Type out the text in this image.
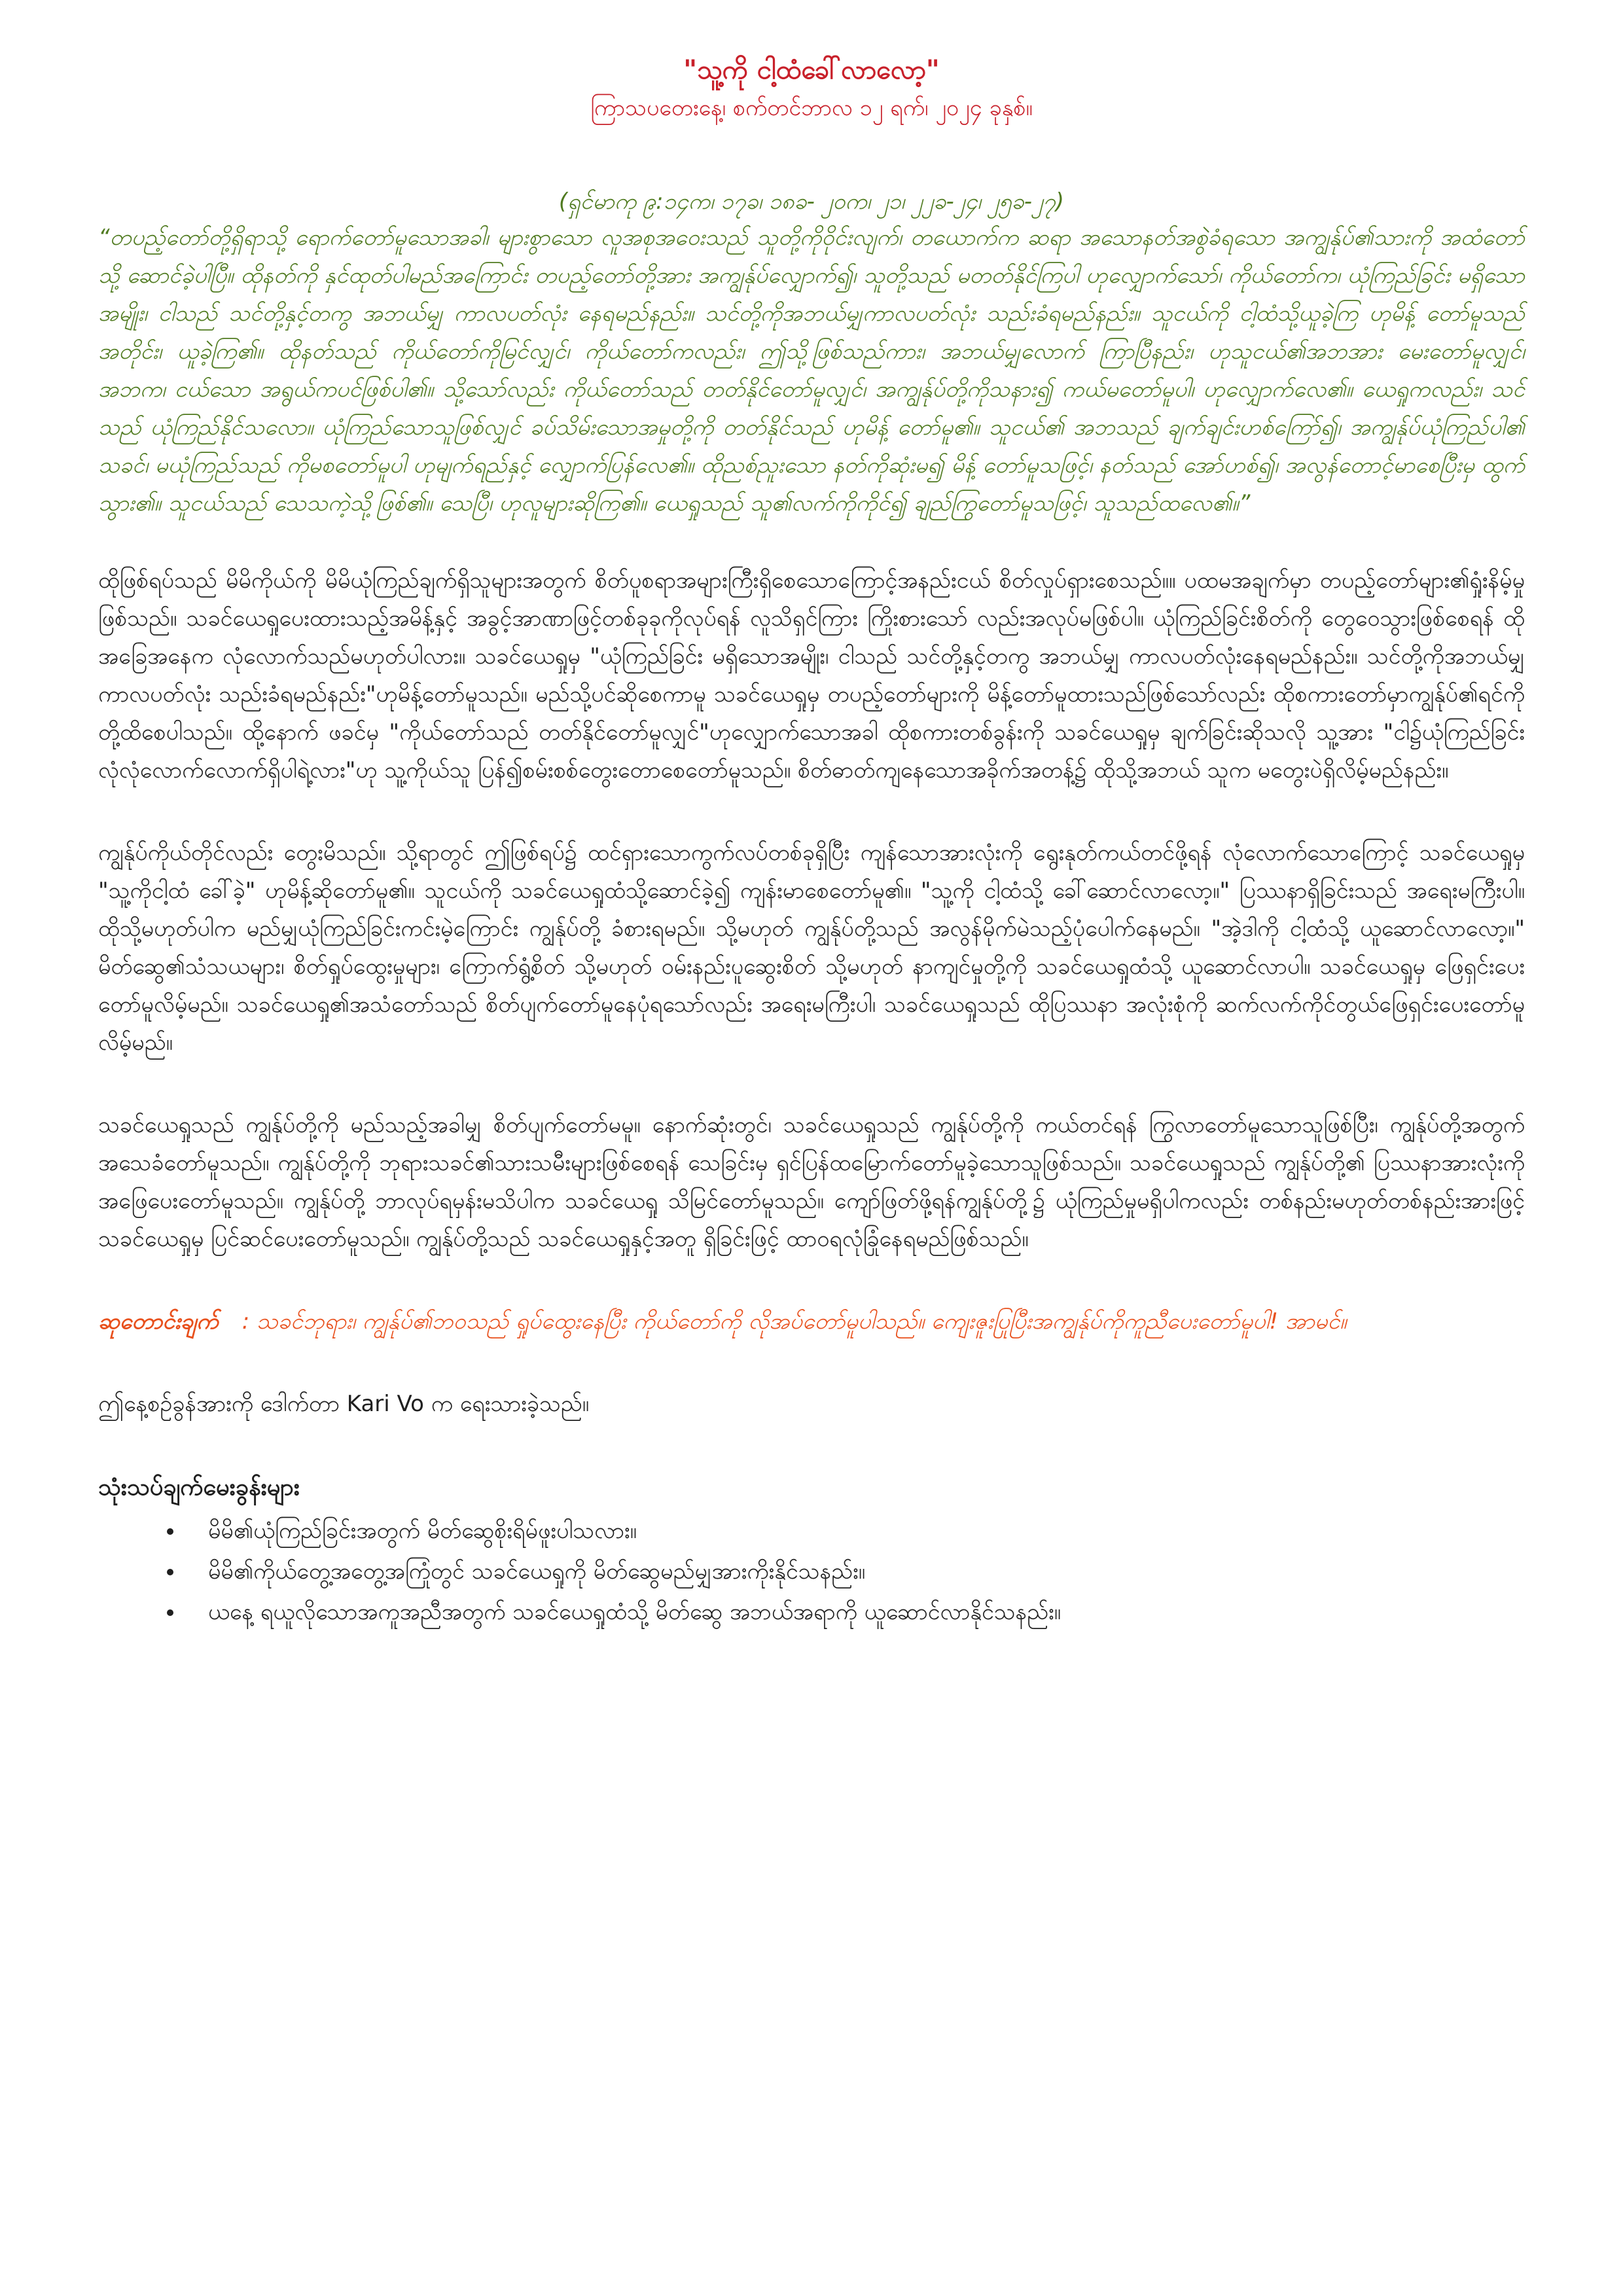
"သူ့ကို ငါ့ထံခေါ်လာလော့"

ကြာသပတေးနေ့၊ စက်တင်ဘာလ ၁၂ ရက်၊ ၂၀၂၄ ခုနှစ်။

(ရှင်မာကု ၉:၁၄က၊ ၁၇ခ၊ ၁၈ခ- ၂၀က၊ ၂၁၊ ၂၂ခ-၂၄၊ ၂၅ခ-၂၇)

“တပည့်တော်တို့ရှိရာသို့ ရောက်တော်မူသောအခါ၊ များစွာသော လူအစုအဝေးသည် သူတို့ကိုဝိုင်းလျက်၊ တယောက်က ဆရာ အသောနတ်အစွဲခံရသော အကျွန်ုပ်၏သားကို အထံတော်သို့ ဆောင်ခဲ့ပါပြီ။ ထိုနတ်ကို နှင်ထုတ်ပါမည်အကြောင်း တပည့်တော်တို့အား အကျွန်ုပ်လျှောက်၍၊ သူတို့သည် မတတ်နိုင်ကြပါ ဟုလျှောက်သော်၊ ကိုယ်တော်က၊ ယုံကြည်ခြင်း မရှိသောအမျိုး၊ ငါသည် သင်တို့နှင့်တကွ အဘယ်မျှ ကာလပတ်လုံး နေရမည်နည်း။ သင်တို့ကိုအဘယ်မျှကာလပတ်လုံး သည်းခံရမည်နည်း။ သူငယ်ကို ငါ့ထံသို့ယူခဲ့ကြ ဟုမိန့် တော်မူသည်အတိုင်း၊ ယူခဲ့ကြ၏။ ထိုနတ်သည် ကိုယ်တော်ကိုမြင်လျှင်၊ ကိုယ်တော်ကလည်း၊ ဤသို့ဖြစ်သည်ကား၊ အဘယ်မျှလောက် ကြာပြီနည်း၊ ဟုသူငယ်၏အဘအား မေးတော်မူလျှင်၊ အဘက၊ ငယ်သော အရွယ်ကပင်ဖြစ်ပါ၏။ သို့သော်လည်း ကိုယ်တော်သည် တတ်နိုင်တော်မူလျှင်၊ အကျွန်ုပ်တို့ကိုသနား၍ ကယ်မတော်မူပါ၊ ဟုလျှောက်လေ၏။ ယေရှုကလည်း၊ သင်သည် ယုံကြည်နိုင်သလော။ ယုံကြည်သောသူဖြစ်လျှင် ခပ်သိမ်းသောအမှုတို့ကို တတ်နိုင်သည် ဟုမိန့် တော်မူ၏။ သူငယ်၏ အဘသည် ချက်ချင်းဟစ်ကြော်၍၊ အကျွန်ုပ်ယုံကြည်ပါ၏ သခင်၊ မယုံကြည်သည် ကိုမစတော်မူပါ ဟုမျက်ရည်နှင့် လျှောက်ပြန်လေ၏။ ထိုညစ်ညူးသော နတ်ကိုဆုံးမ၍ မိန့် တော်မူသဖြင့်၊ နတ်သည် အော်ဟစ်၍၊ အလွန်တောင့်မာစေပြီးမှ ထွက်သွား၏။ သူငယ်သည် သေသကဲ့သို့ဖြစ်၏။ သေပြီ၊ ဟုလူများဆိုကြ၏။ ယေရှုသည် သူ၏လက်ကိုကိုင်၍ ချည်ကြွတော်မူသဖြင့်၊ သူသည်ထလေ၏။”

ထိုဖြစ်ရပ်သည် မိမိကိုယ်ကို မိမိယုံကြည်ချက်ရှိသူများအတွက် စိတ်ပူစရာအများကြီးရှိစေသောကြောင့်အနည်းငယ် စိတ်လှုပ်ရှားစေသည်။။ ပထမအချက်မှာ တပည့်တော်များ၏ရှုံးနိမ့်မှုဖြစ်သည်။ သခင်ယေရှုပေးထားသည့်အမိန့်နှင့် အခွင့်အာဏာဖြင့်တစ်ခုခုကိုလုပ်ရန် လူသိရှင်ကြား ကြိုးစားသော် လည်းအလုပ်မဖြစ်ပါ။ ယုံကြည်ခြင်းစိတ်ကို တွေဝေသွားဖြစ်စေရန် ထိုအခြေအနေက လုံလောက်သည်မဟုတ်ပါလား။ သခင်ယေရှုမှ "ယုံကြည်ခြင်း မရှိသောအမျိုး၊ ငါသည် သင်တို့နှင့်တကွ အဘယ်မျှ ကာလပတ်လုံးနေရမည်နည်း။ သင်တို့ကိုအဘယ်မျှကာလပတ်လုံး သည်းခံရမည်နည်း"ဟုမိန့်တော်မူသည်။ မည်သို့ပင်ဆိုစေကာမူ သခင်ယေရှုမှ တပည့်တော်များကို မိန့်တော်မူထားသည်ဖြစ်သော်လည်း ထိုစကားတော်မှာကျွန်ုပ်၏ရင်ကို တို့ထိစေပါသည်။ ထို့နောက် ဖခင်မှ "ကိုယ်တော်သည် တတ်နိုင်တော်မူလျှင်"ဟုလျှောက်သောအခါ ထိုစကားတစ်ခွန်းကို သခင်ယေရှုမှ ချက်ခြင်းဆိုသလို သူ့အား "ငါ၌ယုံကြည်ခြင်း လုံလုံလောက်လောက်ရှိပါရဲ့လား"ဟု သူ့ကိုယ်သူ ပြန်၍စမ်းစစ်တွေးတောစေတော်မူသည်။ စိတ်ဓာတ်ကျနေသောအခိုက်အတန့်၌ ထိုသို့အဘယ် သူက မတွေးပဲရှိလိမ့်မည်နည်း။

ကျွန်ုပ်ကိုယ်တိုင်လည်း တွေးမိသည်။ သို့ရာတွင် ဤဖြစ်ရပ်၌ ထင်ရှားသောကွက်လပ်တစ်ခုရှိပြီး ကျန်သောအားလုံးကို ရွေးနုတ်ကယ်တင်ဖို့ရန် လုံလောက်သောကြောင့် သခင်ယေရှုမှ "သူ့ကိုငါ့ထံ ခေါ်ခဲ့" ဟုမိန့်ဆိုတော်မူ၏။ သူငယ်ကို သခင်ယေရှုထံသို့ဆောင်ခဲ့၍ ကျန်းမာစေတော်မူ၏။ "သူ့ကို ငါ့ထံသို့ ခေါ်ဆောင်လာလော့။" ပြဿနာရှိခြင်းသည် အရေးမကြီးပါ။ ထိုသို့မဟုတ်ပါက မည်မျှယုံကြည်ခြင်းကင်းမဲ့ကြောင်း ကျွန်ုပ်တို့ ခံစားရမည်။ သို့မဟုတ် ကျွန်ုပ်တို့သည် အလွန်မိုက်မဲသည့်ပုံပေါက်နေမည်။ "အဲ့ဒါကို ငါ့ထံသို့ ယူဆောင်လာလော့။" မိတ်ဆွေ၏သံသယများ၊ စိတ်ရှုပ်ထွေးမှုများ၊ ကြောက်ရွံ့စိတ် သို့မဟုတ် ဝမ်းနည်းပူဆွေးစိတ် သို့မဟုတ် နာကျင်မှုတို့ကို သခင်ယေရှုထံသို့ ယူဆောင်လာပါ။ သခင်ယေရှုမှ ဖြေရှင်းပေးတော်မူလိမ့်မည်။ သခင်ယေရှု၏အသံတော်သည် စိတ်ပျက်တော်မူနေပုံရသော်လည်း အရေးမကြီးပါ၊ သခင်ယေရှုသည် ထိုပြဿနာ အလုံးစုံကို ဆက်လက်ကိုင်တွယ်ဖြေရှင်းပေးတော်မူလိမ့်မည်။

သခင်ယေရှုသည် ကျွန်ုပ်တို့ကို မည်သည့်အခါမျှ စိတ်ပျက်တော်မမူ။ နောက်ဆုံးတွင်၊ သခင်ယေရှုသည် ကျွန်ုပ်တို့ကို ကယ်တင်ရန် ကြွလာတော်မူသောသူဖြစ်ပြီး၊ ကျွန်ုပ်တို့အတွက် အသေခံတော်မူသည်။ ကျွန်ုပ်တို့ကို ဘုရားသခင်၏သားသမီးများဖြစ်စေရန် သေခြင်းမှ ရှင်ပြန်ထမြောက်တော်မူခဲ့သောသူဖြစ်သည်။ သခင်ယေရှုသည် ကျွန်ုပ်တို့၏ ပြဿနာအားလုံးကို အဖြေပေးတော်မူသည်။ ကျွန်ုပ်တို့ ဘာလုပ်ရမှန်းမသိပါက သခင်ယေရှု သိမြင်တော်မူသည်။ ကျော်ဖြတ်ဖို့ရန်ကျွန်ုပ်တို့၌ ယုံကြည်မှုမရှိပါကလည်း တစ်နည်းမဟုတ်တစ်နည်းအားဖြင့် သခင်ယေရှုမှ ပြင်ဆင်ပေးတော်မူသည်။ ကျွန်ုပ်တို့သည် သခင်ယေရှုနှင့်အတူ ရှိခြင်းဖြင့် ထာဝရလုံခြုံနေရမည်ဖြစ်သည်။

ဆုတောင်းချက် : သခင်ဘုရား၊ ကျွန်ုပ်၏ဘဝသည် ရှုပ်ထွေးနေပြီး ကိုယ်တော်ကို လိုအပ်တော်မူပါသည်။ ကျေးဇူးပြုပြီးအကျွန်ုပ်ကိုကူညီပေးတော်မူပါ! အာမင်။

ဤနေ့စဉ်ခွန်အားကို ဒေါက်တာ Kari Vo က ရေးသားခဲ့သည်။

သုံးသပ်ချက်မေးခွန်းများ
• မိမိ၏ယုံကြည်ခြင်းအတွက် မိတ်ဆွေစိုးရိမ်ဖူးပါသလား။
• မိမိ၏ကိုယ်တွေ့အတွေ့အကြုံတွင် သခင်ယေရှုကို မိတ်ဆွေမည်မျှအားကိုးနိုင်သနည်း။
• ယနေ့ ရယူလိုသောအကူအညီအတွက် သခင်ယေရှုထံသို့ မိတ်ဆွေ အဘယ်အရာကို ယူဆောင်လာနိုင်သနည်း။
